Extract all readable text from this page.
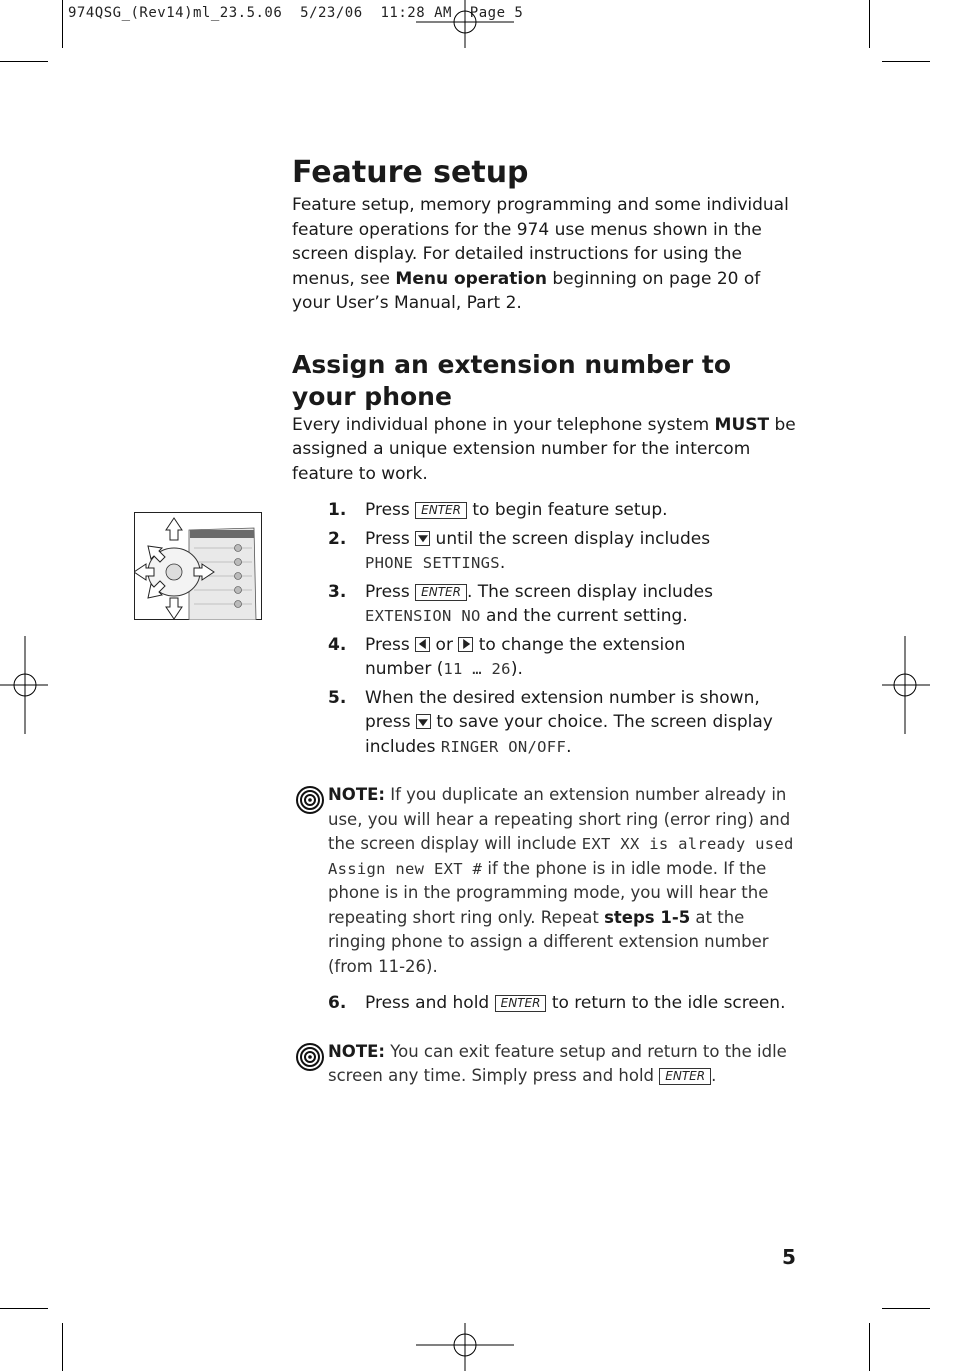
974QSG_(Rev14)ml_23.5.06  5/23/06  11:28 AM  Page 5
Feature setup

Feature setup, memory programming and some individual feature operations for the 974 use menus shown in the screen display. For detailed instructions for using the menus, see Menu operation beginning on page 20 of your User’s Manual, Part 2.

Assign an extension number to
your phone

Every individual phone in your telephone system MUST be assigned a unique extension number for the intercom feature to work.

1. Press ENTER to begin feature setup.
2. Press  until the screen display includes
PHONE SETTINGS.
3. Press ENTER . The screen display includes
EXTENSION NO and the current setting.
4. Press  or  to change the extension
number (11 … 26).
5. When the desired extension number is shown,
press  to save your choice. The screen display
includes RINGER ON/OFF.
NOTE: If you duplicate an extension number already in use, you will hear a repeating short ring (error ring) and the screen display will include EXT XX is already used Assign new EXT # if the phone is in idle mode. If the phone is in the programming mode, you will hear the repeating short ring only. Repeat steps 1-5 at the ringing phone to assign a different extension number (from 11-26).
6. Press and hold ENTER to return to the idle screen.
NOTE: You can exit feature setup and return to the idle screen any time. Simply press and hold ENTER .
5
